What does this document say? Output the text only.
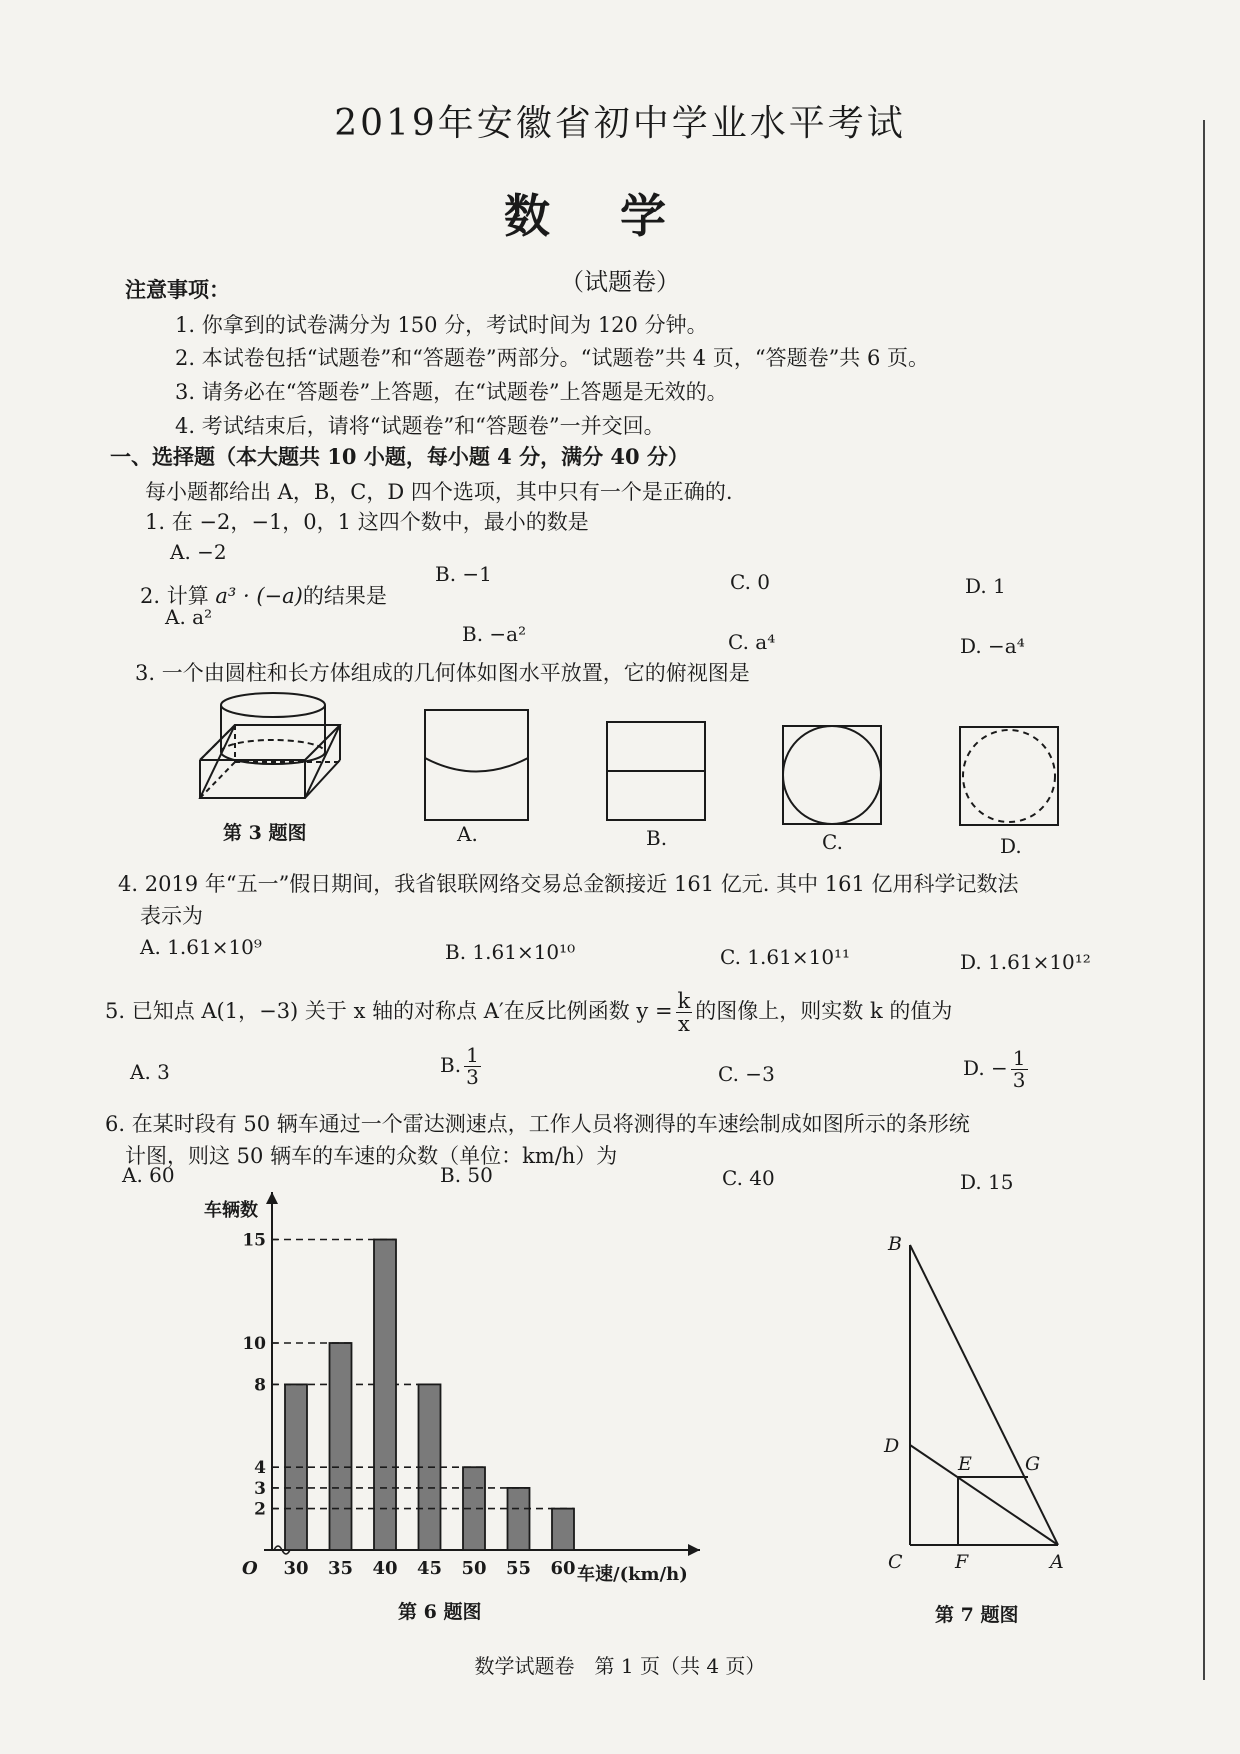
2019年安徽省初中学业水平考试
数学
（试题卷）
注意事项：
1. 你拿到的试卷满分为 150 分，考试时间为 120 分钟。
2. 本试卷包括“试题卷”和“答题卷”两部分。“试题卷”共 4 页，“答题卷”共 6 页。
3. 请务必在“答题卷”上答题，在“试题卷”上答题是无效的。
4. 考试结束后，请将“试题卷”和“答题卷”一并交回。
一、选择题（本大题共 10 小题，每小题 4 分，满分 40 分）
每小题都给出 A，B，C，D 四个选项，其中只有一个是正确的.
1. 在 −2，−1，0，1 这四个数中，最小的数是
A. −2
B. −1	C. 0	D. 1
2. 计算 a³ · (−a)的结果是
A. a²
B. −a²	C. a⁴	D. −a⁴
3. 一个由圆柱和长方体组成的几何体如图水平放置，它的俯视图是
第 3 题图	A.	B.	C.	D.
4. 2019 年“五一”假日期间，我省银联网络交易总金额接近 161 亿元. 其中 161 亿用科学记数法
表示为
A. 1.61×10⁹	B. 1.61×10¹⁰	C. 1.61×10¹¹	D. 1.61×10¹²
5. 已知点 A(1，−3) 关于 x 轴的对称点 A′在反比例函数 $y = \frac{k}{x}$ 的图像上，则实数 k 的值为
A. 3	B. $\frac{1}{3}$	C. −3	D. − $\frac{1}{3}$
6. 在某时段有 50 辆车通过一个雷达测速点，工作人员将测得的车速绘制成如图所示的条形统
计图，则这 50 辆车的车速的众数（单位：km/h）为
A. 60	B. 50	C. 40	D. 15
车辆数
车速/(km/h)
O 30 35 40 45 50 55 60
2
3
4
8
10
15
第 6 题图
B
D
E	G
C	F	A
第 7 题图
数学试题卷　第 1 页（共 4 页）
